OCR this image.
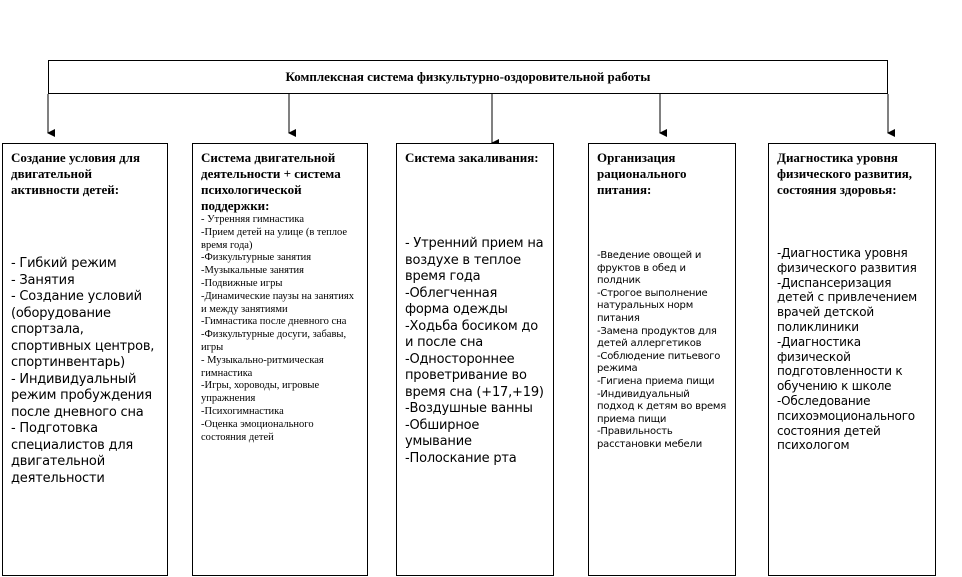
Комплексная система физкультурно-оздоровительной работы
Создание условия для двигательной активности детей:
- Гибкий режим
- Занятия
- Создание условий (оборудование спортзала, спортивных центров, спортинвентарь)
- Индивидуальный режим пробуждения после дневного сна
- Подготовка специалистов для двигательной деятельности
Система двигательной деятельности + система психологической поддержки:
- Утренняя гимнастика
-Прием детей на улице (в теплое время года)
-Физкультурные занятия
-Музыкальные занятия
-Подвижные игры
-Динамические паузы на занятиях и между занятиями
-Гимнастика после дневного сна
-Физкультурные досуги, забавы, игры
- Музыкально-ритмическая гимнастика
-Игры, хороводы, игровые упражнения
-Психогимнастика
-Оценка эмоционального состояния детей
Система закаливания:
- Утренний прием на воздухе в теплое время года
-Облегченная форма одежды
-Ходьба босиком до и после сна
-Одностороннее проветривание во время сна (+17,+19)
-Воздушные ванны
-Обширное умывание
-Полоскание рта
Организация рационального питания:
-Введение овощей и фруктов в обед и полдник
-Строгое выполнение натуральных норм питания
-Замена продуктов для детей аллергетиков
-Соблюдение питьевого режима
-Гигиена приема пищи
-Индивидуальный подход к детям во время приема пищи
-Правильность расстановки мебели
Диагностика уровня физического развития, состояния здоровья:
-Диагностика уровня физического развития
-Диспансеризация детей с привлечением врачей детской поликлиники
-Диагностика физической подготовленности к обучению к школе
-Обследование психоэмоционального состояния детей психологом
